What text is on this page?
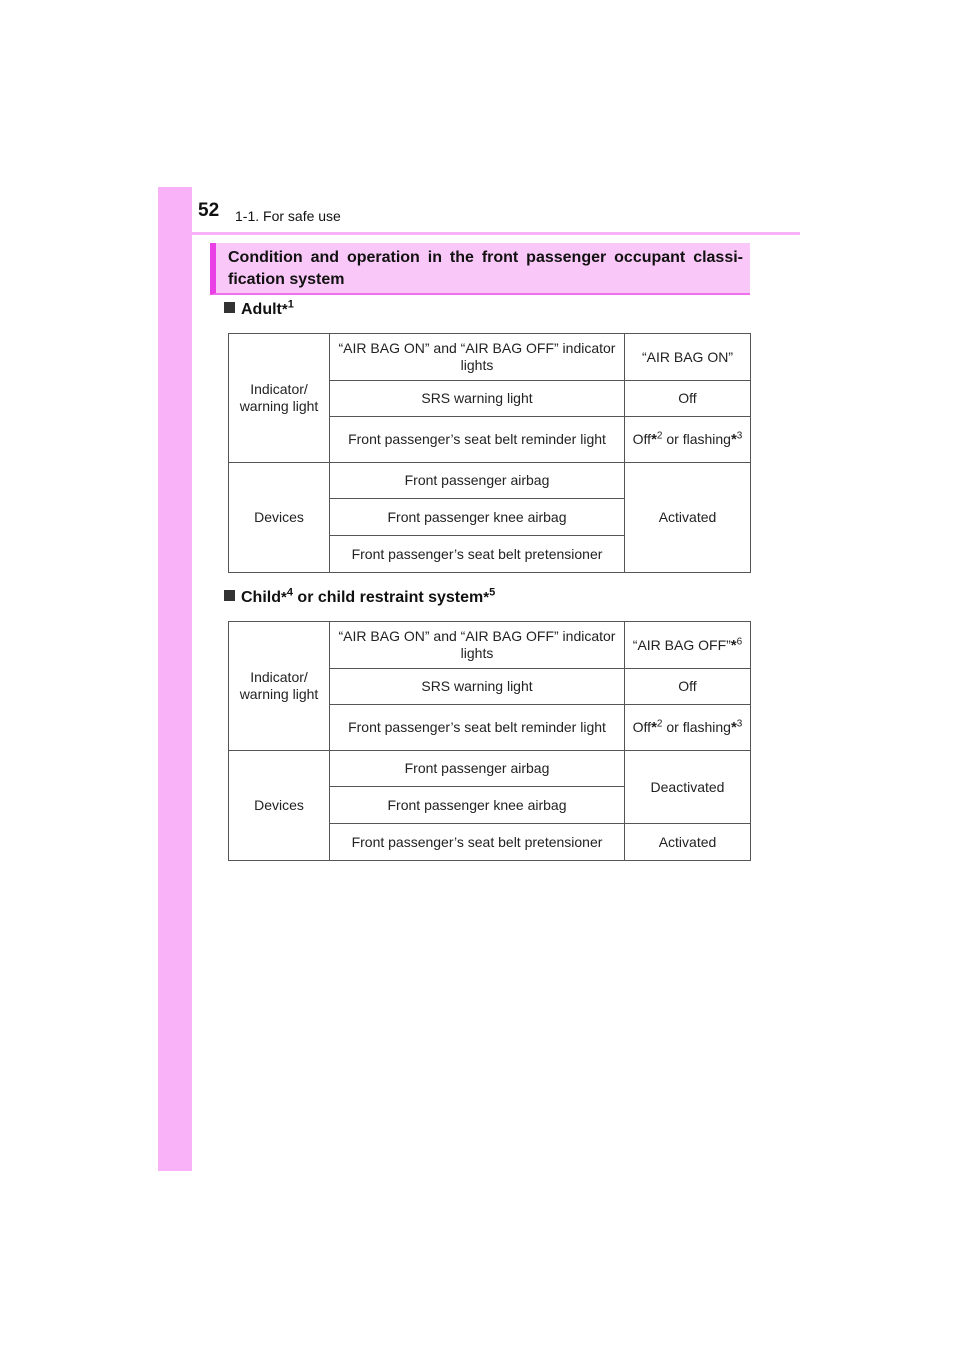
52 1-1. For safe use
Condition and operation in the front passenger occupant classi-fication system
Adult*$^1$
Indicator/ warning light	“AIR BAG ON” and “AIR BAG OFF” indicator lights	“AIR BAG ON”
	SRS warning light	Off
	Front passenger’s seat belt reminder light	Off*$^2$ or flashing*$^3$
Devices	Front passenger airbag	Activated
	Front passenger knee airbag	
	Front passenger’s seat belt pretensioner	
Child*$^4$ or child restraint system*$^5$
Indicator/ warning light	“AIR BAG ON” and “AIR BAG OFF” indicator lights	“AIR BAG OFF”*$^6$
	SRS warning light	Off
	Front passenger’s seat belt reminder light	Off*$^2$ or flashing*$^3$
Devices	Front passenger airbag	Deactivated
	Front passenger knee airbag	
	Front passenger’s seat belt pretensioner	Activated
